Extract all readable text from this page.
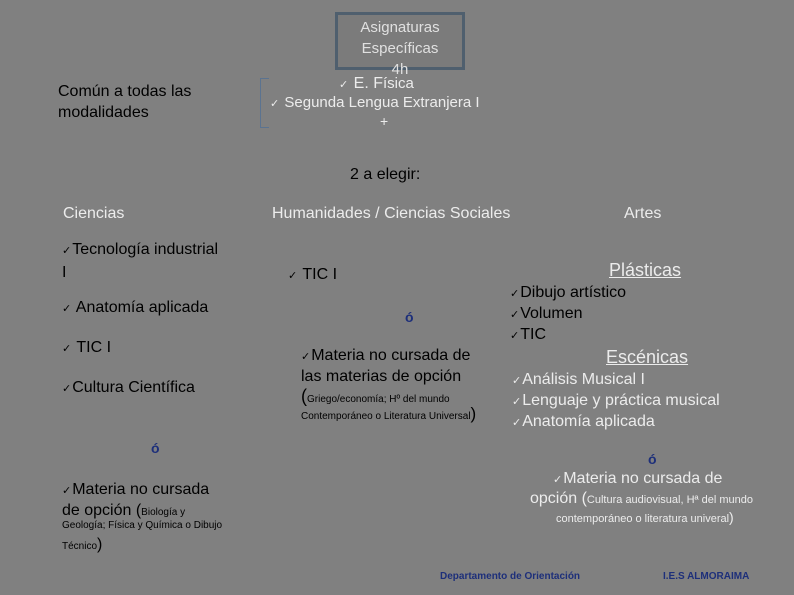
Asignaturas
Específicas
4h
✓ E. Física
Común a todas las
modalidades	✓ Segunda Lengua Extranjera I
+
2 a elegir:
Ciencias	Humanidades / Ciencias Sociales	Artes
✓Tecnología industrial
I
✓ Anatomía aplicada
✓ TIC I
✓Cultura Científica
ó
✓Materia no cursada
de opción (Biología y
Geología; Física y Química o Dibujo
Técnico)
✓ TIC I
ó
✓Materia no cursada de
las materias de opción
(Griego/economía; Hº del mundo
Contemporáneo o Literatura Universal)
Plásticas
✓Dibujo artístico
✓Volumen
✓TIC
Escénicas
✓Análisis Musical I
✓Lenguaje y práctica musical
✓Anatomía aplicada
ó
✓Materia no cursada de
opción (Cultura audiovisual, Hª del mundo
contemporáneo o literatura univeral)
Departamento de Orientación	I.E.S ALMORAIMA
